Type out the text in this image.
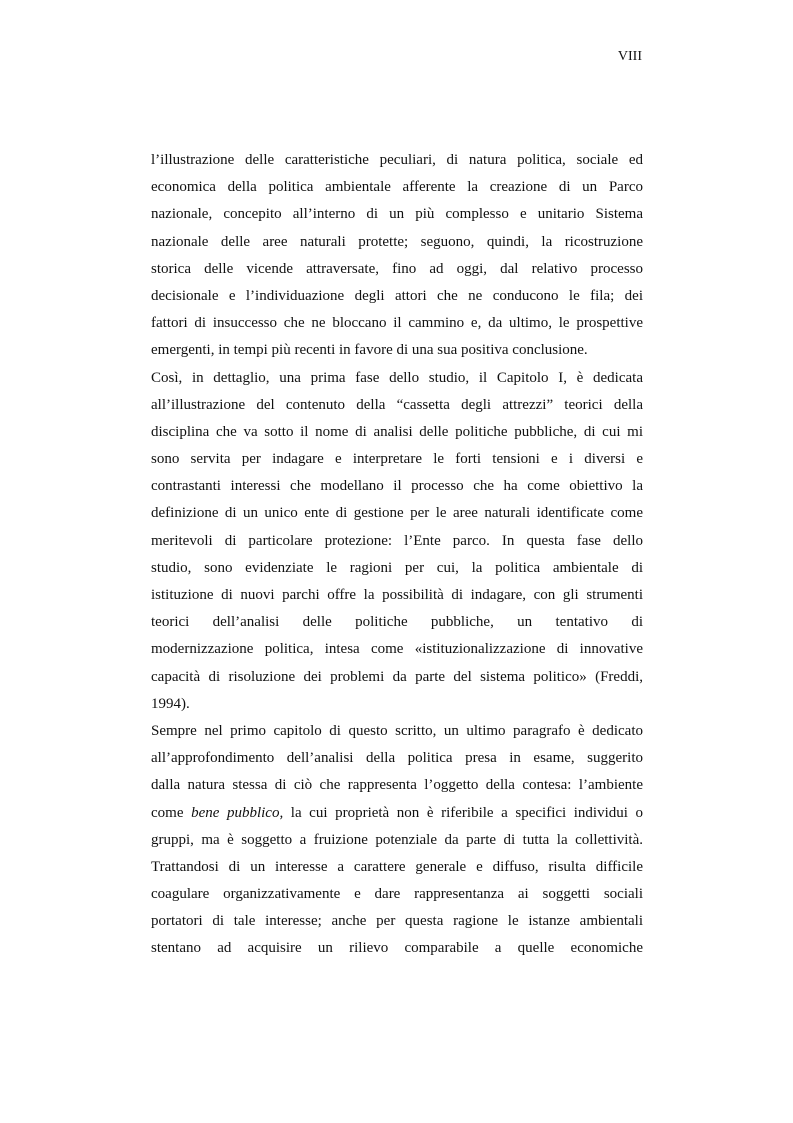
VIII
l’illustrazione delle caratteristiche peculiari, di natura politica, sociale ed
economica della politica ambientale afferente la creazione di un Parco
nazionale, concepito all’interno di un più complesso e unitario Sistema
nazionale delle aree naturali protette; seguono, quindi, la ricostruzione
storica delle vicende attraversate, fino ad oggi, dal relativo processo
decisionale e l’individuazione degli attori che ne conducono le fila; dei
fattori di insuccesso che ne bloccano il cammino e, da ultimo, le prospettive
emergenti, in tempi più recenti in favore di una sua positiva conclusione.
Così, in dettaglio, una prima fase dello studio, il Capitolo I, è dedicata
all’illustrazione del contenuto della “cassetta degli attrezzi” teorici della
disciplina che va sotto il nome di analisi delle politiche pubbliche, di cui mi
sono servita per indagare e interpretare le forti tensioni e i diversi e
contrastanti interessi che modellano il processo che ha come obiettivo la
definizione di un unico ente di gestione per le aree naturali identificate come
meritevoli di particolare protezione: l’Ente parco. In questa fase dello
studio, sono evidenziate le ragioni per cui, la politica ambientale di
istituzione di nuovi parchi offre la possibilità di indagare, con gli strumenti
teorici dell’analisi delle politiche pubbliche, un tentativo di
modernizzazione politica, intesa come «istituzionalizzazione di innovative
capacità di risoluzione dei problemi da parte del sistema politico» (Freddi,
1994).
Sempre nel primo capitolo di questo scritto, un ultimo paragrafo è dedicato
all’approfondimento dell’analisi della politica presa in esame, suggerito
dalla natura stessa di ciò che rappresenta l’oggetto della contesa: l’ambiente
come bene pubblico, la cui proprietà non è riferibile a specifici individui o
gruppi, ma è soggetto a fruizione potenziale da parte di tutta la collettività.
Trattandosi di un interesse a carattere generale e diffuso, risulta difficile
coagulare organizzativamente e dare rappresentanza ai soggetti sociali
portatori di tale interesse; anche per questa ragione le istanze ambientali
stentano ad acquisire un rilievo comparabile a quelle economiche
